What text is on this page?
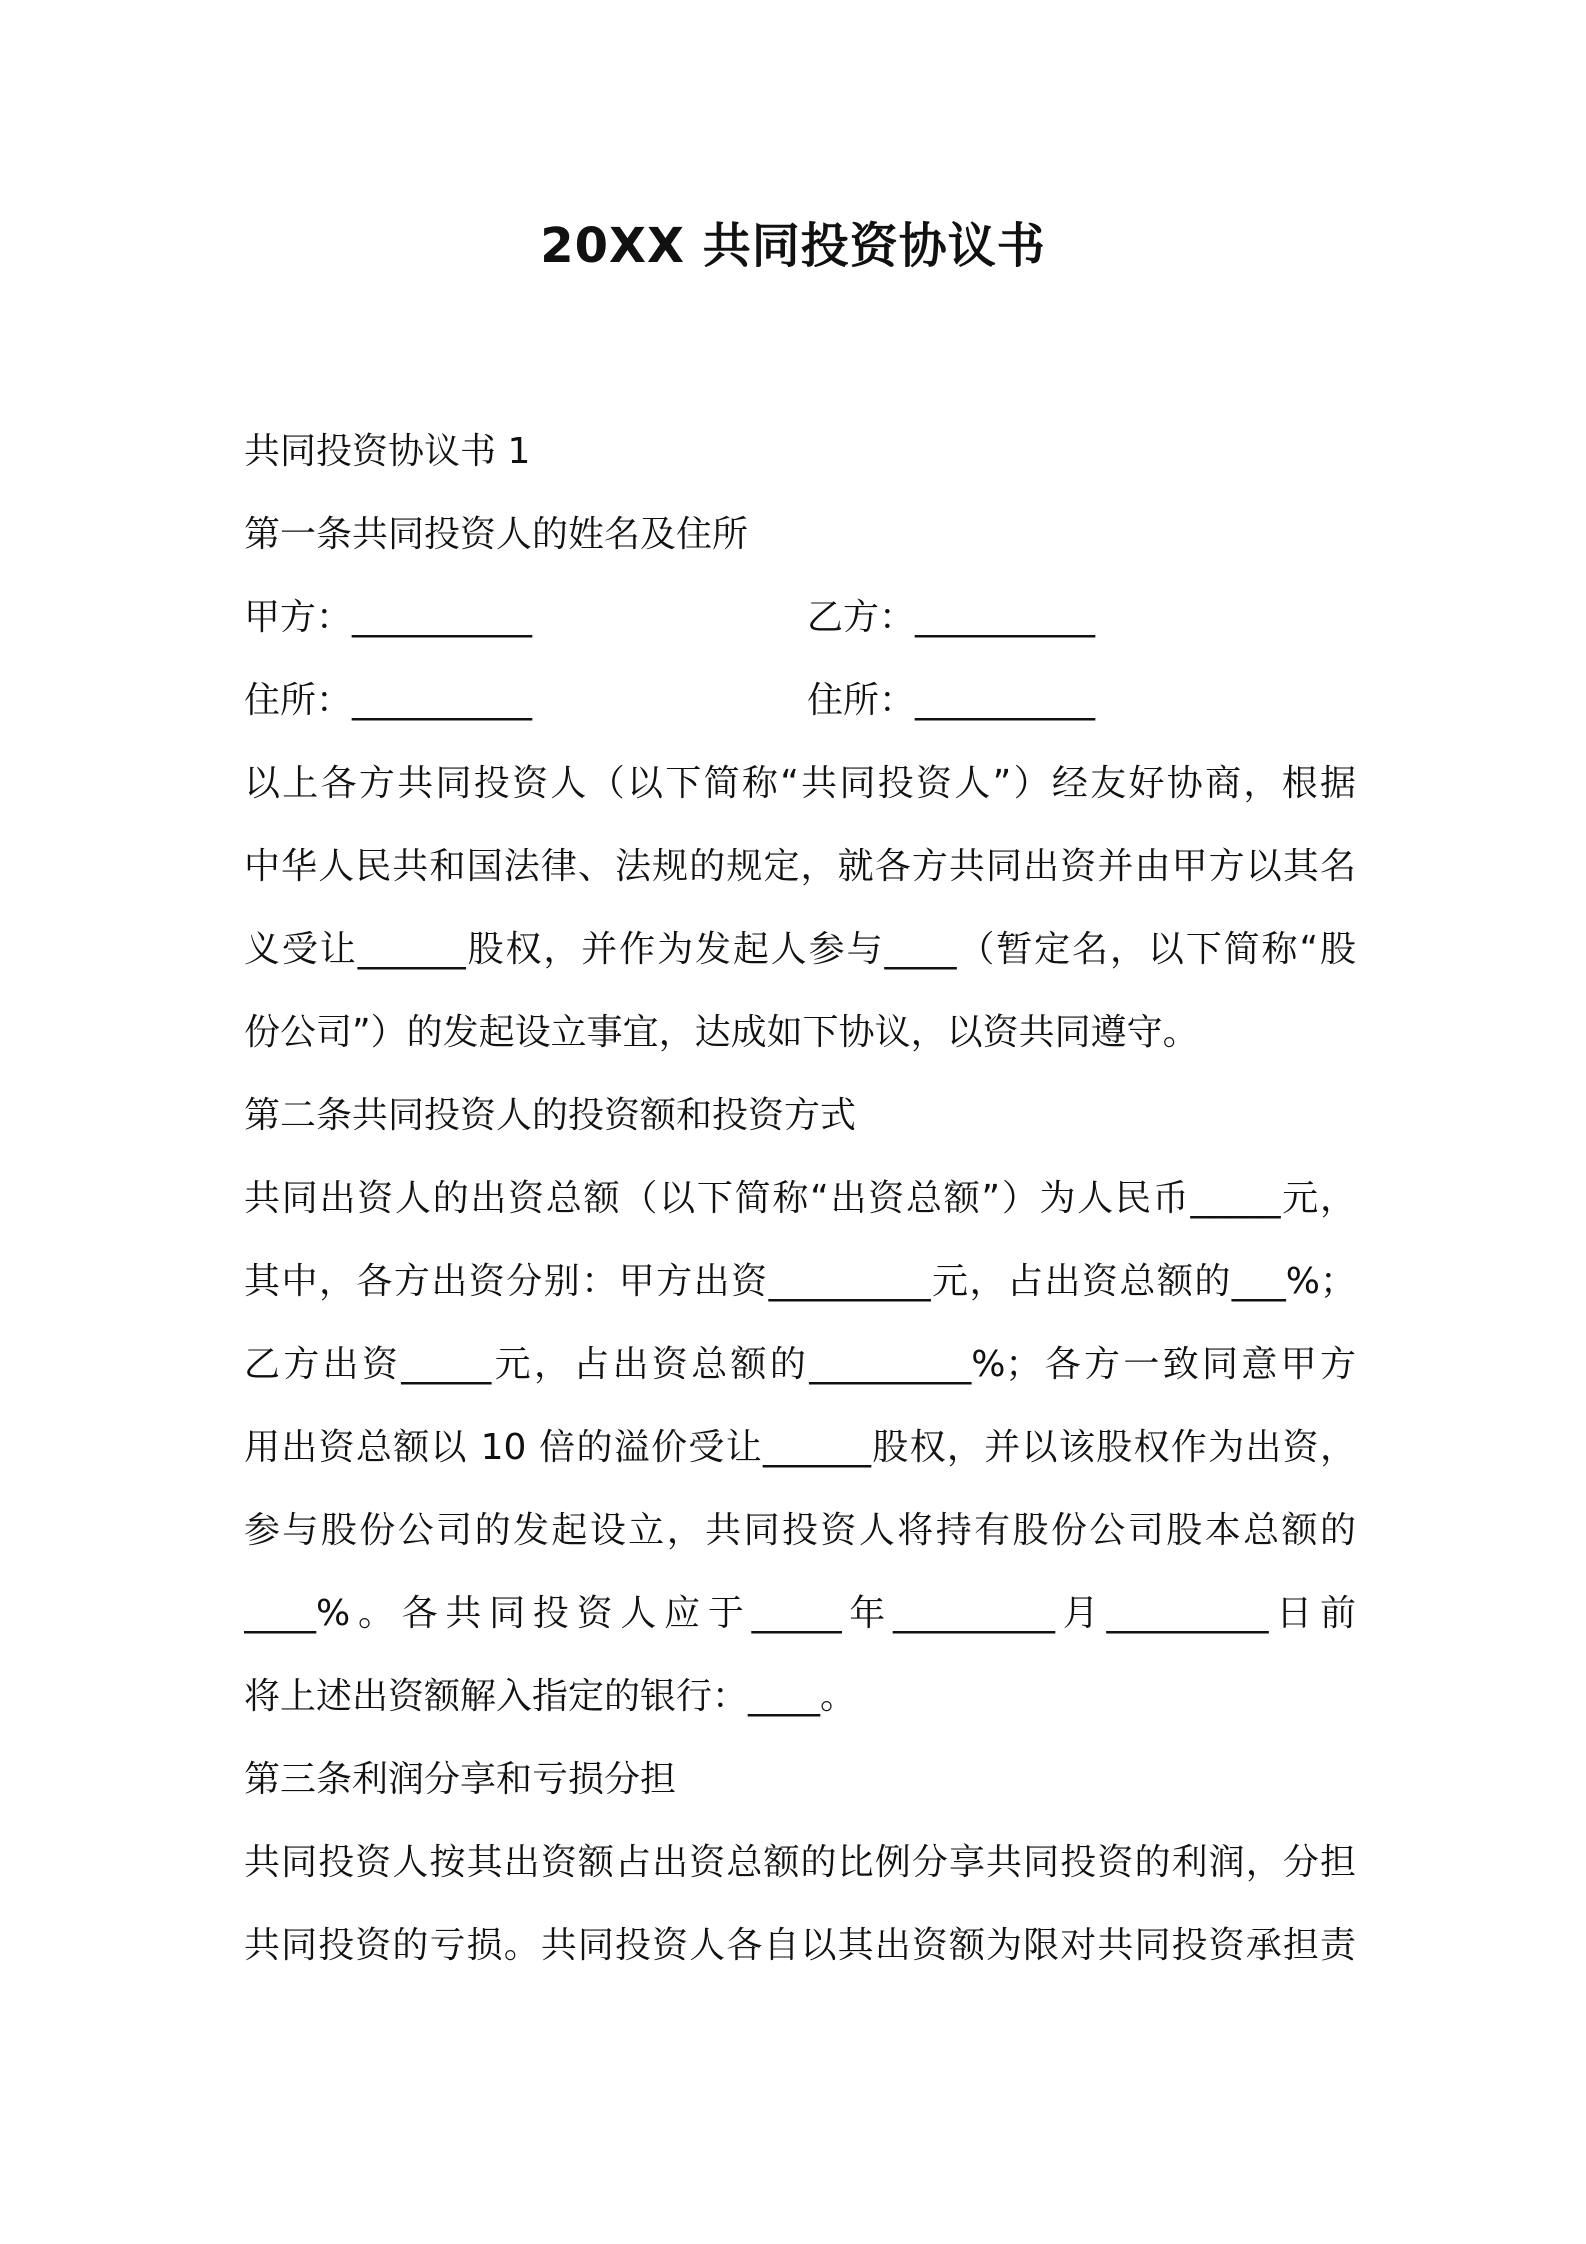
20XX 共同投资协议书
共同投资协议书 1
第一条共同投资人的姓名及住所
甲方：__________	乙方：__________
住所：__________	住所：__________
以上各方共同投资人（以下简称“共同投资人”）经友好协商，根据
中华人民共和国法律、法规的规定，就各方共同出资并由甲方以其名
义受让______股权，并作为发起人参与____（暂定名，以下简称“股
份公司”）的发起设立事宜，达成如下协议，以资共同遵守。
第二条共同投资人的投资额和投资方式
共同出资人的出资总额（以下简称“出资总额”）为人民币_____元，
其中，各方出资分别：甲方出资_________元，占出资总额的___%；
乙方出资_____元，占出资总额的_________%；各方一致同意甲方
用出资总额以 10 倍的溢价受让______股权，并以该股权作为出资，
参与股份公司的发起设立，共同投资人将持有股份公司股本总额的
____%。各共同投资人应于_____年_________月_________日前
将上述出资额解入指定的银行：____。
第三条利润分享和亏损分担
共同投资人按其出资额占出资总额的比例分享共同投资的利润，分担
共同投资的亏损。共同投资人各自以其出资额为限对共同投资承担责
